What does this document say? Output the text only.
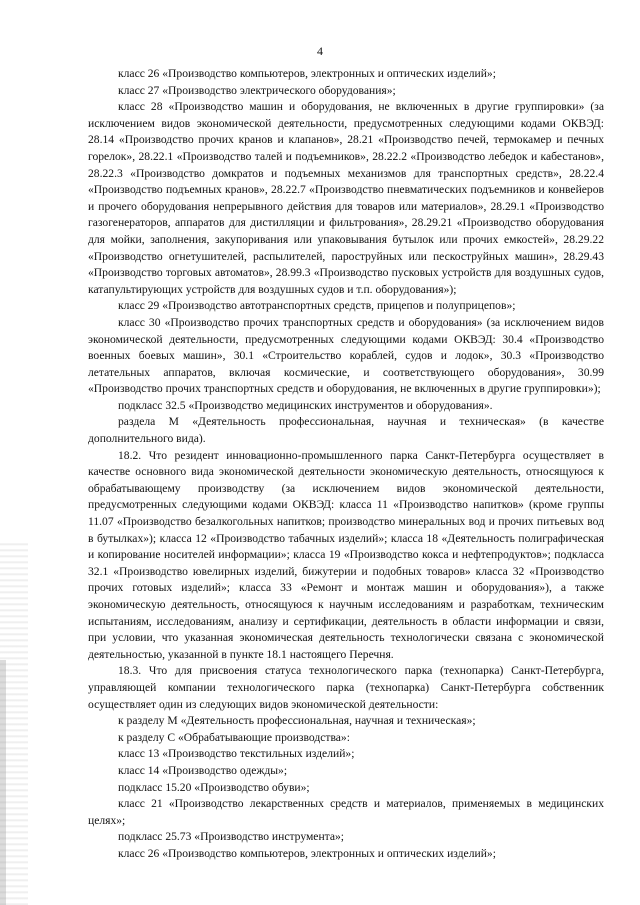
4

класс 26 «Производство компьютеров, электронных и оптических изделий»;

класс 27 «Производство электрического оборудования»;

класс 28 «Производство машин и оборудования, не включенных в другие группировки» (за исключением видов экономической деятельности, предусмотренных следующими кодами ОКВЭД: 28.14 «Производство прочих кранов и клапанов», 28.21 «Производство печей, термокамер и печных горелок», 28.22.1 «Производство талей и подъемников», 28.22.2 «Производство лебедок и кабестанов», 28.22.3 «Производство домкратов и подъемных механизмов для транспортных средств», 28.22.4 «Производство подъемных кранов», 28.22.7 «Производство пневматических подъемников и конвейеров и прочего оборудования непрерывного действия для товаров или материалов», 28.29.1 «Производство газогенераторов, аппаратов для дистилляции и фильтрования», 28.29.21 «Производство оборудования для мойки, заполнения, закупоривания или упаковывания бутылок или прочих емкостей», 28.29.22 «Производство огнетушителей, распылителей, пароструйных или пескоструйных машин», 28.29.43 «Производство торговых автоматов», 28.99.3 «Производство пусковых устройств для воздушных судов, катапультирующих устройств для воздушных судов и т.п. оборудования»);

класс 29 «Производство автотранспортных средств, прицепов и полуприцепов»;

класс 30 «Производство прочих транспортных средств и оборудования» (за исключением видов экономической деятельности, предусмотренных следующими кодами ОКВЭД: 30.4 «Производство военных боевых машин», 30.1 «Строительство кораблей, судов и лодок», 30.3 «Производство летательных аппаратов, включая космические, и соответствующего оборудования», 30.99 «Производство прочих транспортных средств и оборудования, не включенных в другие группировки»);

подкласс 32.5 «Производство медицинских инструментов и оборудования».

раздела М «Деятельность профессиональная, научная и техническая» (в качестве дополнительного вида).

18.2. Что резидент инновационно-промышленного парка Санкт-Петербурга осуществляет в качестве основного вида экономической деятельности экономическую деятельность, относящуюся к обрабатывающему производству (за исключением видов экономической деятельности, предусмотренных следующими кодами ОКВЭД: класса 11 «Производство напитков» (кроме группы 11.07 «Производство безалкогольных напитков; производство минеральных вод и прочих питьевых вод в бутылках»); класса 12 «Производство табачных изделий»; класса 18 «Деятельность полиграфическая и копирование носителей информации»; класса 19 «Производство кокса и нефтепродуктов»; подкласса 32.1 «Производство ювелирных изделий, бижутерии и подобных товаров» класса 32 «Производство прочих готовых изделий»; класса 33 «Ремонт и монтаж машин и оборудования»), а также экономическую деятельность, относящуюся к научным исследованиям и разработкам, техническим испытаниям, исследованиям, анализу и сертификации, деятельность в области информации и связи, при условии, что указанная экономическая деятельность технологически связана с экономической деятельностью, указанной в пункте 18.1 настоящего Перечня.

18.3. Что для присвоения статуса технологического парка (технопарка) Санкт-Петербурга, управляющей компании технологического парка (технопарка) Санкт-Петербурга собственник осуществляет один из следующих видов экономической деятельности:

к разделу М «Деятельность профессиональная, научная и техническая»;

к разделу С «Обрабатывающие производства»:

класс 13 «Производство текстильных изделий»;

класс 14 «Производство одежды»;

подкласс 15.20 «Производство обуви»;

класс 21 «Производство лекарственных средств и материалов, применяемых в медицинских целях»;

подкласс 25.73 «Производство инструмента»;

класс 26 «Производство компьютеров, электронных и оптических изделий»;
